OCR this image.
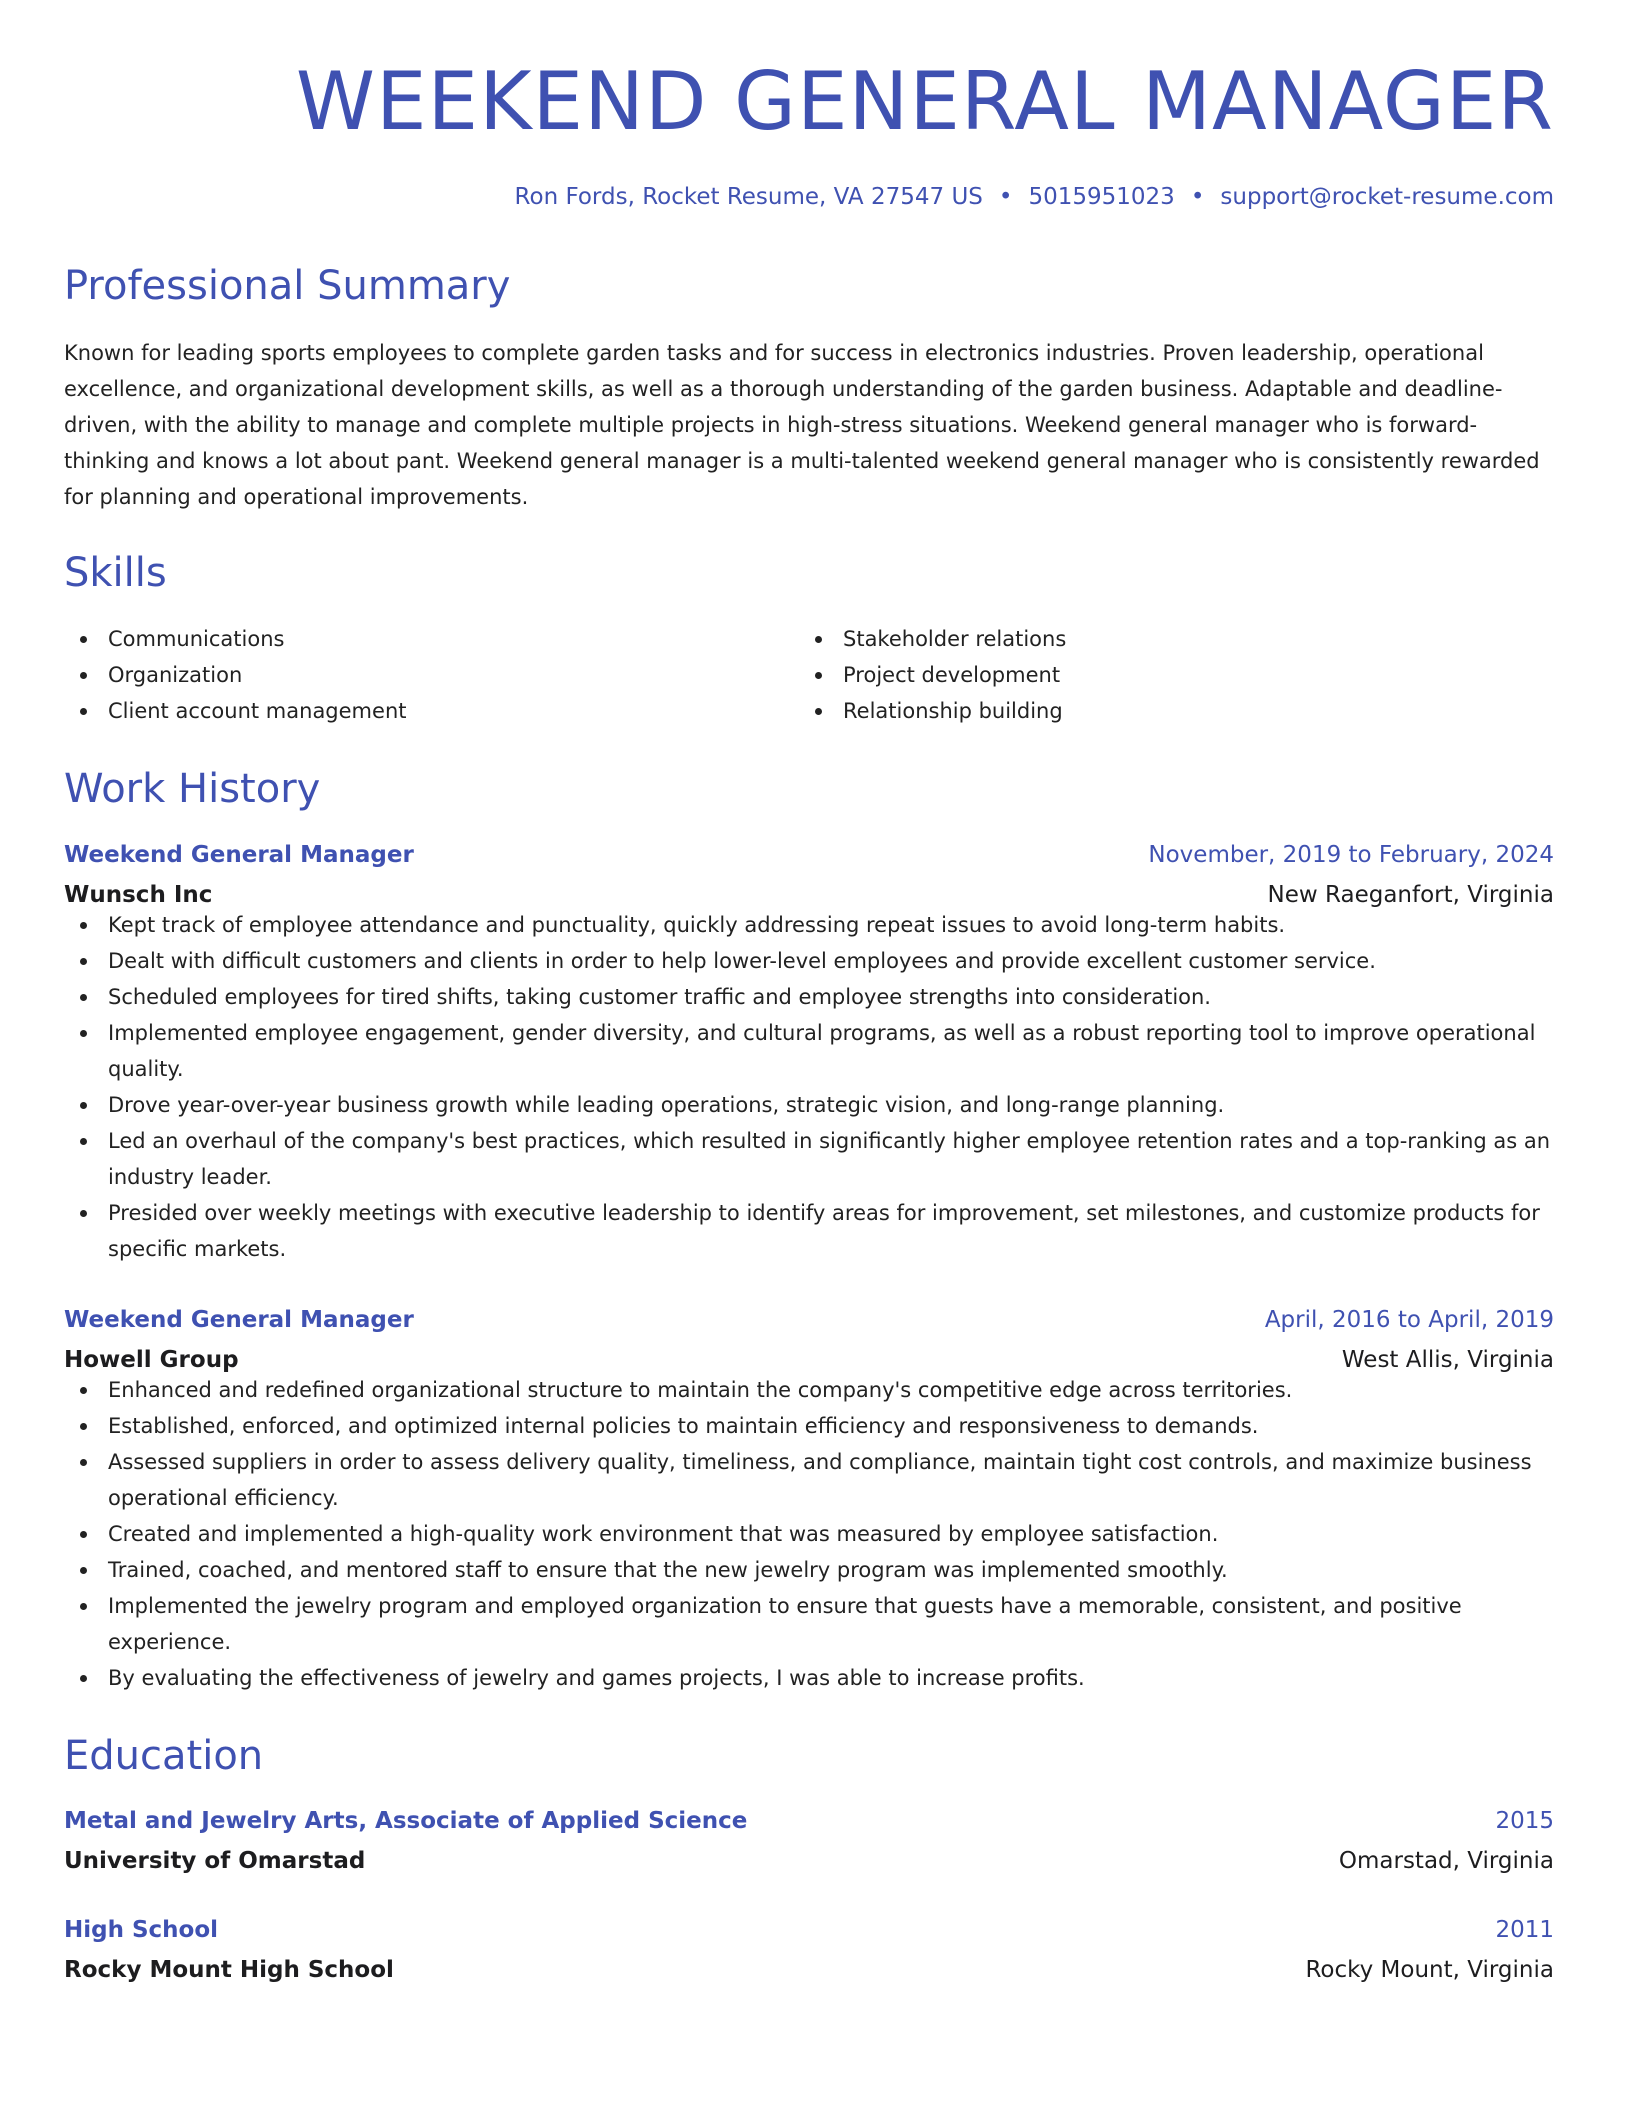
WEEKEND GENERAL MANAGER
Ron Fords, Rocket Resume, VA 27547 US • 5015951023 • support@rocket-resume.com
Professional Summary

Known for leading sports employees to complete garden tasks and for success in electronics industries. Proven leadership, operational excellence, and organizational development skills, as well as a thorough understanding of the garden business. Adaptable and deadline-driven, with the ability to manage and complete multiple projects in high-stress situations. Weekend general manager who is forward-thinking and knows a lot about pant. Weekend general manager is a multi-talented weekend general manager who is consistently rewarded for planning and operational improvements.

Skills
Communications
Organization
Client account management
Stakeholder relations
Project development
Relationship building
Work History
Weekend General Manager	November, 2019 to February, 2024
Wunsch Inc	New Raeganfort, Virginia
Kept track of employee attendance and punctuality, quickly addressing repeat issues to avoid long-term habits.
Dealt with difficult customers and clients in order to help lower-level employees and provide excellent customer service.
Scheduled employees for tired shifts, taking customer traffic and employee strengths into consideration.
Implemented employee engagement, gender diversity, and cultural programs, as well as a robust reporting tool to improve operational quality.
Drove year-over-year business growth while leading operations, strategic vision, and long-range planning.
Led an overhaul of the company's best practices, which resulted in significantly higher employee retention rates and a top-ranking as an industry leader.
Presided over weekly meetings with executive leadership to identify areas for improvement, set milestones, and customize products for specific markets.
Weekend General Manager	April, 2016 to April, 2019
Howell Group	West Allis, Virginia
Enhanced and redefined organizational structure to maintain the company's competitive edge across territories.
Established, enforced, and optimized internal policies to maintain efficiency and responsiveness to demands.
Assessed suppliers in order to assess delivery quality, timeliness, and compliance, maintain tight cost controls, and maximize business operational efficiency.
Created and implemented a high-quality work environment that was measured by employee satisfaction.
Trained, coached, and mentored staff to ensure that the new jewelry program was implemented smoothly.
Implemented the jewelry program and employed organization to ensure that guests have a memorable, consistent, and positive experience.
By evaluating the effectiveness of jewelry and games projects, I was able to increase profits.
Education
Metal and Jewelry Arts, Associate of Applied Science	2015
University of Omarstad	Omarstad, Virginia
High School	2011
Rocky Mount High School	Rocky Mount, Virginia
